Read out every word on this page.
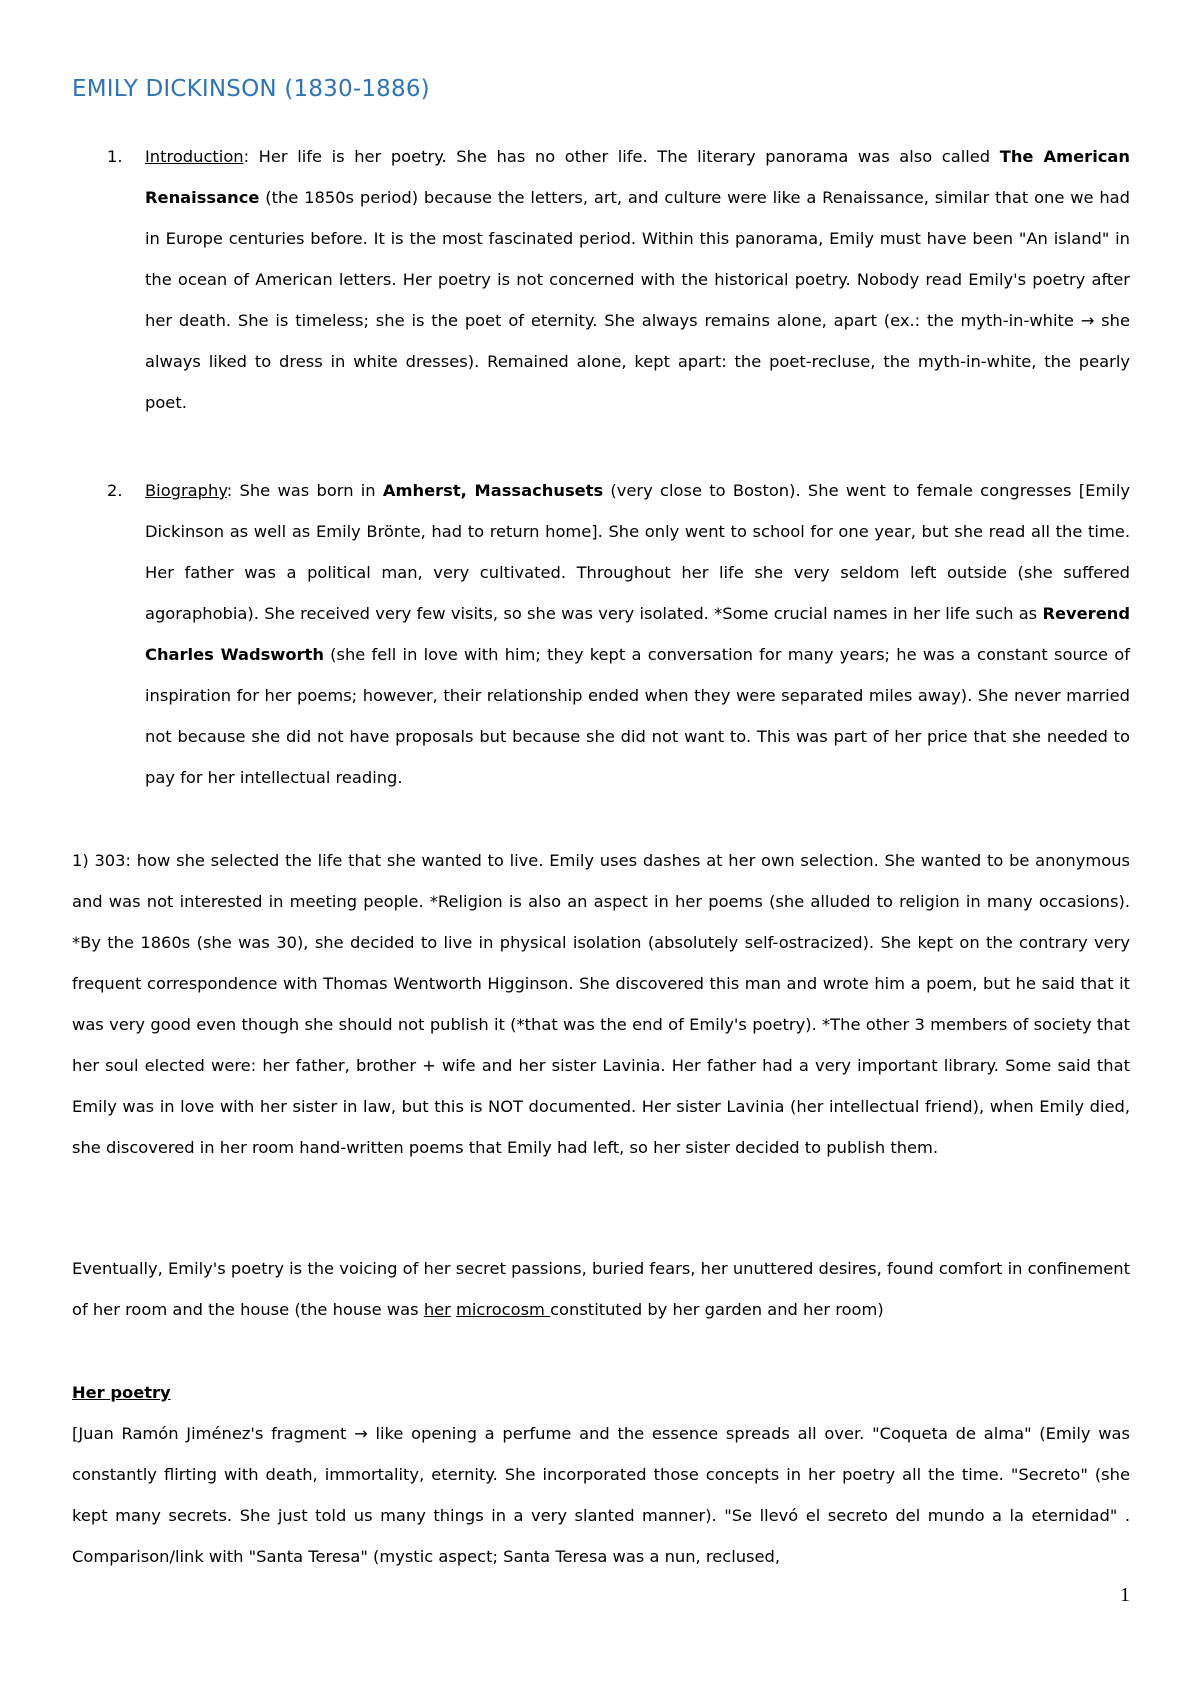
EMILY DICKINSON (1830-1886)

1. Introduction: Her life is her poetry. She has no other life. The literary panorama was also called The American Renaissance (the 1850s period) because the letters, art, and culture were like a Renaissance, similar that one we had in Europe centuries before. It is the most fascinated period. Within this panorama, Emily must have been "An island" in the ocean of American letters. Her poetry is not concerned with the historical poetry. Nobody read Emily's poetry after her death. She is timeless; she is the poet of eternity. She always remains alone, apart (ex.: the myth-in-white → she always liked to dress in white dresses). Remained alone, kept apart: the poet-recluse, the myth-in-white, the pearly poet.

2. Biography: She was born in Amherst, Massachusets (very close to Boston). She went to female congresses [Emily Dickinson as well as Emily Brönte, had to return home]. She only went to school for one year, but she read all the time. Her father was a political man, very cultivated. Throughout her life she very seldom left outside (she suffered agoraphobia). She received very few visits, so she was very isolated. *Some crucial names in her life such as Reverend Charles Wadsworth (she fell in love with him; they kept a conversation for many years; he was a constant source of inspiration for her poems; however, their relationship ended when they were separated miles away). She never married not because she did not have proposals but because she did not want to. This was part of her price that she needed to pay for her intellectual reading.

1) 303: how she selected the life that she wanted to live. Emily uses dashes at her own selection. She wanted to be anonymous and was not interested in meeting people. *Religion is also an aspect in her poems (she alluded to religion in many occasions). *By the 1860s (she was 30), she decided to live in physical isolation (absolutely self-ostracized). She kept on the contrary very frequent correspondence with Thomas Wentworth Higginson. She discovered this man and wrote him a poem, but he said that it was very good even though she should not publish it (*that was the end of Emily's poetry). *The other 3 members of society that her soul elected were: her father, brother + wife and her sister Lavinia. Her father had a very important library. Some said that Emily was in love with her sister in law, but this is NOT documented. Her sister Lavinia (her intellectual friend), when Emily died, she discovered in her room hand-written poems that Emily had left, so her sister decided to publish them.

Eventually, Emily's poetry is the voicing of her secret passions, buried fears, her unuttered desires, found comfort in confinement of her room and the house (the house was her microcosm constituted by her garden and her room)

Her poetry

[Juan Ramón Jiménez's fragment → like opening a perfume and the essence spreads all over. "Coqueta de alma" (Emily was constantly flirting with death, immortality, eternity. She incorporated those concepts in her poetry all the time. "Secreto" (she kept many secrets. She just told us many things in a very slanted manner). "Se llevó el secreto del mundo a la eternidad" . Comparison/link with "Santa Teresa" (mystic aspect; Santa Teresa was a nun, reclused,

1
